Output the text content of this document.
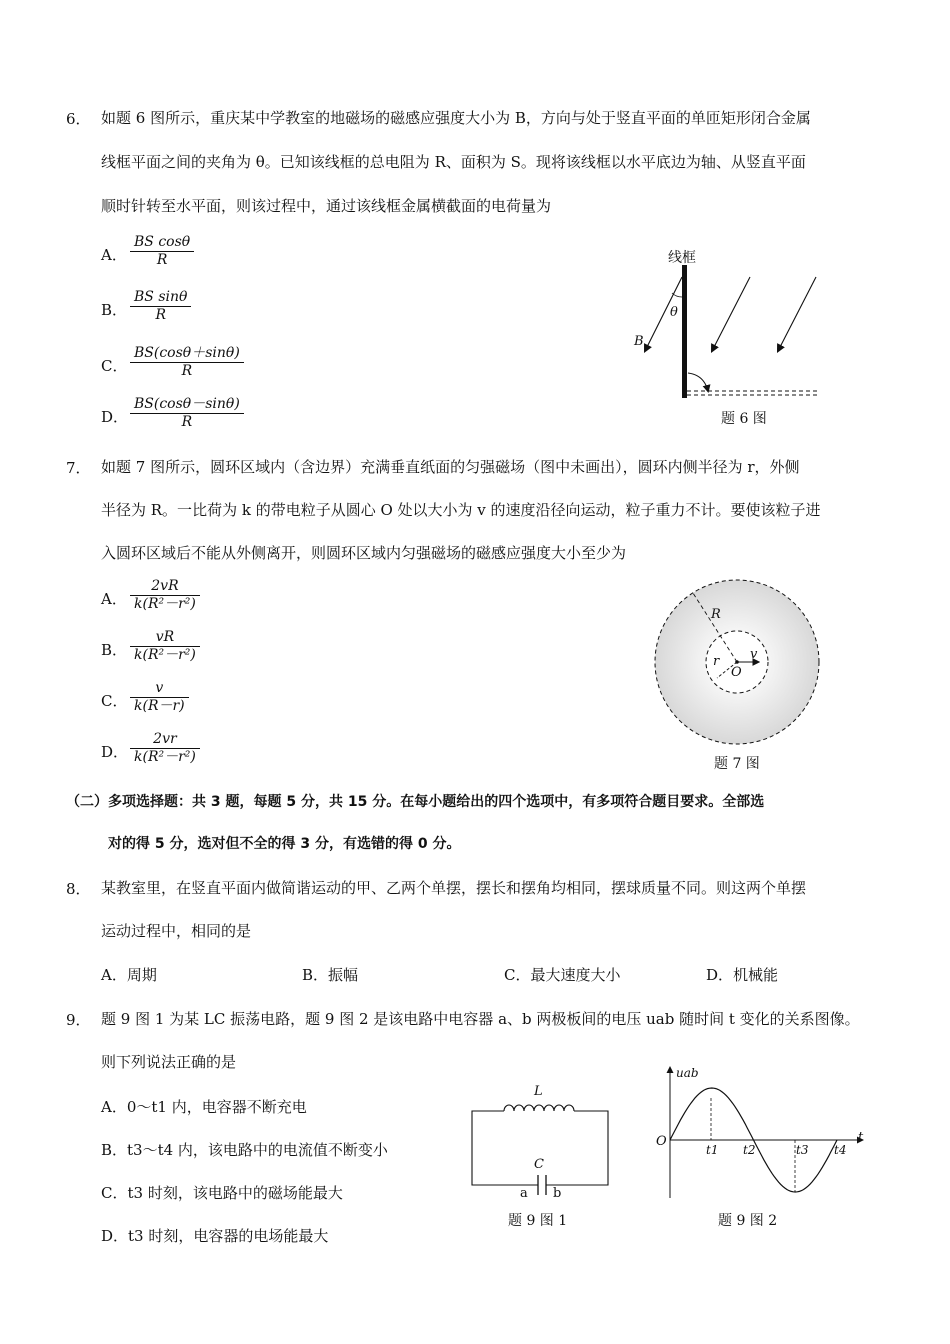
6． 如题 6 图所示，重庆某中学教室的地磁场的磁感应强度大小为 B，方向与处于竖直平面的单匝矩形闭合金属
线框平面之间的夹角为 θ。已知该线框的总电阻为 R、面积为 S。现将该线框以水平底边为轴、从竖直平面
顺时针转至水平面，则该过程中，通过该线框金属横截面的电荷量为
A． $\frac{\text{BS cosθ}}{R}$
B． $\frac{\text{BS sinθ}}{R}$
C． $\frac{BS(\cos\theta+\sin\theta)}{R}$
D． $\frac{BS(\cos\theta-\sin\theta)}{R}$
线框
B
θ
题 6 图
7． 如题 7 图所示，圆环区域内（含边界）充满垂直纸面的匀强磁场（图中未画出），圆环内侧半径为 r，外侧
半径为 R。一比荷为 k 的带电粒子从圆心 O 处以大小为 v 的速度沿径向运动，粒子重力不计。要使该粒子进
入圆环区域后不能从外侧离开，则圆环区域内匀强磁场的磁感应强度大小至少为
A． $\frac{2vR}{\text{k(R²－r²)}}$
B． $\frac{vR}{\text{k(R²－r²)}}$
C． $\frac{v}{k(R-r)}$
D． $\frac{2vr}{\text{k(R²－r²)}}$
R
r v
O
题 7 图
（二）多项选择题：共 3 题，每题 5 分，共 15 分。在每小题给出的四个选项中，有多项符合题目要求。全部选
对的得 5 分，选对但不全的得 3 分，有选错的得 0 分。
8． 某教室里，在竖直平面内做简谐运动的甲、乙两个单摆，摆长和摆角均相同，摆球质量不同。则这两个单摆
运动过程中，相同的是
A．周期	B．振幅	C．最大速度大小	D．机械能
9． 题 9 图 1 为某 LC 振荡电路，题 9 图 2 是该电路中电容器 a、b 两极板间的电压 uab 随时间 t 变化的关系图像。
则下列说法正确的是
A．0～t1 内，电容器不断充电
B．t3～t4 内，该电路中的电流值不断变小
C．t3 时刻，该电路中的磁场能最大
D．t3 时刻，电容器的电场能最大
L
C
a b
题 9 图 1
uab
t
O
t1 t2	t3 t4
题 9 图 2
